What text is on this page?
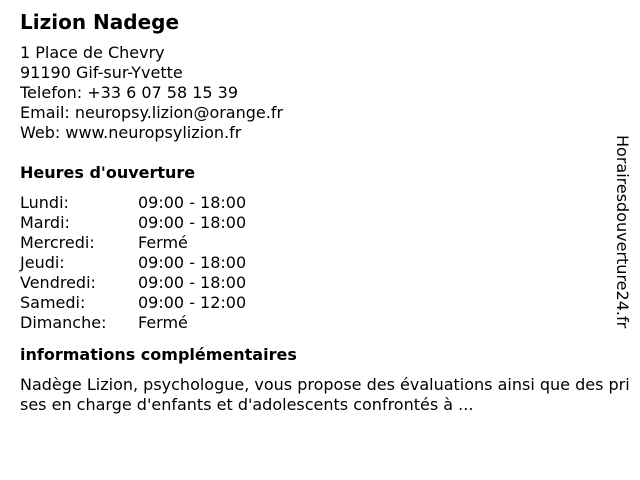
Lizion Nadege
1 Place de Chevry
91190 Gif-sur-Yvette
Telefon: +33 6 07 58 15 39
Email: neuropsy.lizion@orange.fr
Web: www.neuropsylizion.fr
Heures d'ouverture
Lundi:	09:00 - 18:00
Mardi:	09:00 - 18:00
Mercredi:	Fermé
Jeudi:	09:00 - 18:00
Vendredi:	09:00 - 18:00
Samedi:	09:00 - 12:00
Dimanche: Fermé
informations complémentaires
Nadège Lizion, psychologue, vous propose des évaluations ainsi que des prises en charge d'enfants et d'adolescents confrontés à ...
Horairesdouverture24.fr
